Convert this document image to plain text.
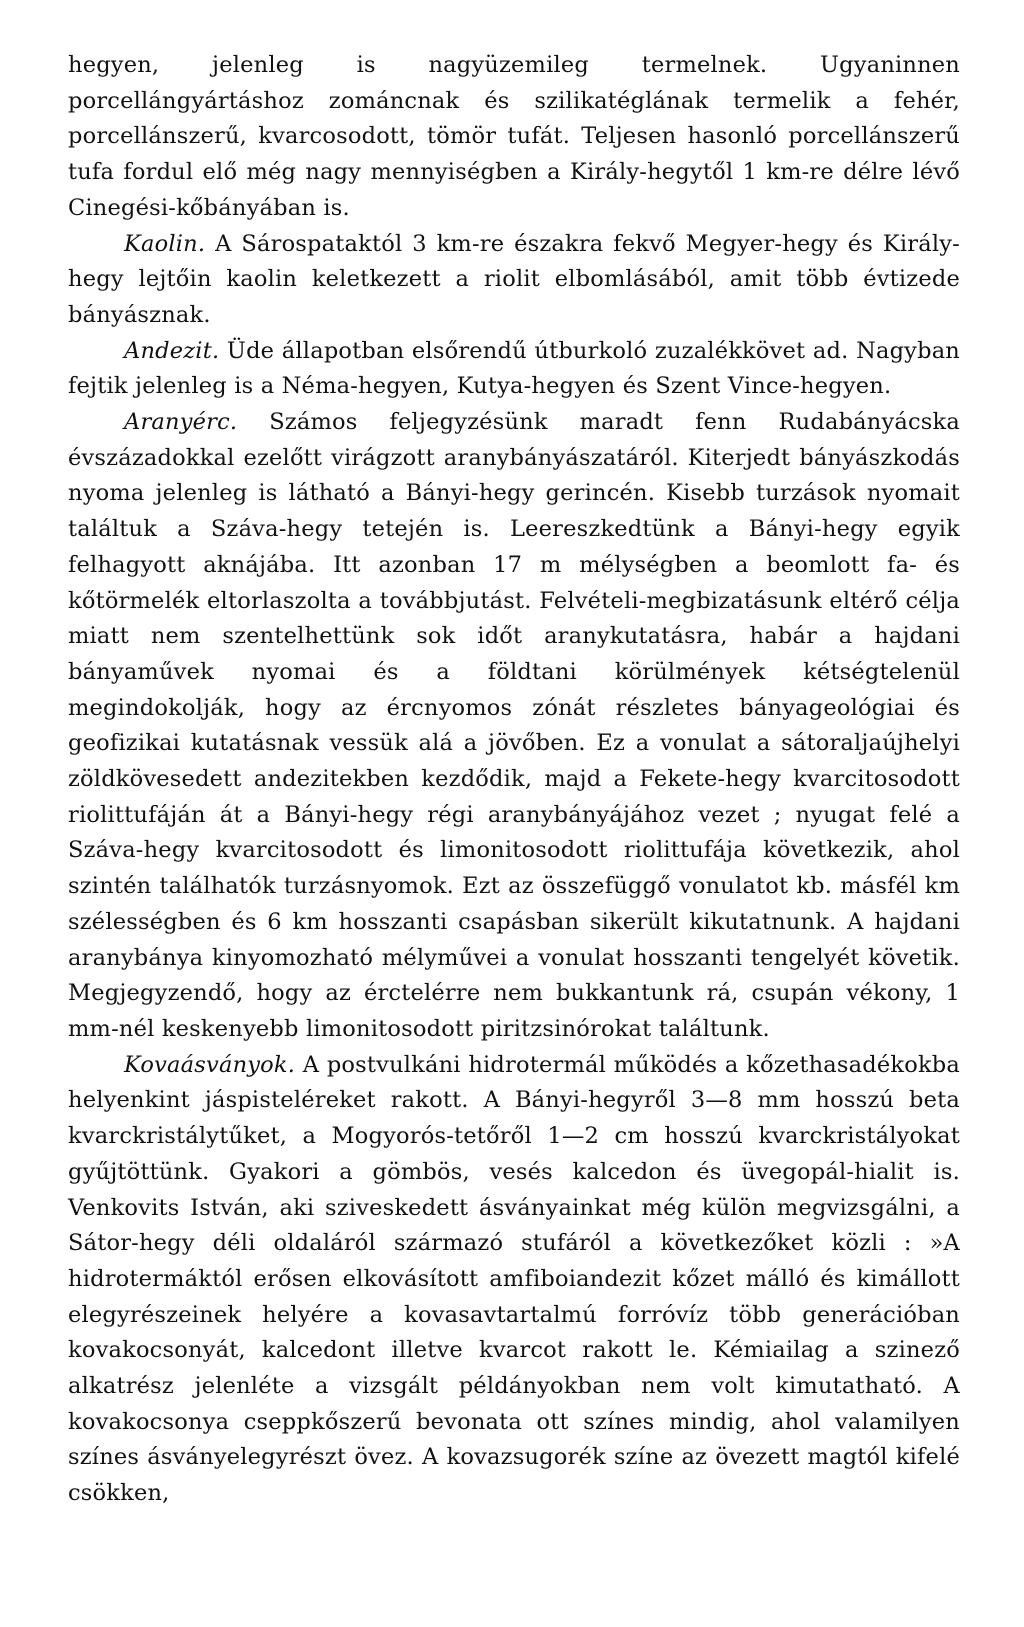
hegyen, jelenleg is nagyüzemileg termelnek. Ugyaninnen porcellángyártáshoz zománcnak és szilikatéglának termelik a fehér, porcellánszerű, kvarcosodott, tömör tufát. Teljesen hasonló porcellánszerű tufa fordul elő még nagy mennyiségben a Király-hegytől 1 km-re délre lévő Cinegési-kőbányában is.

Kaolin. A Sárospataktól 3 km-re északra fekvő Megyer-hegy és Király-hegy lejtőin kaolin keletkezett a riolit elbomlásából, amit több évtizede bányásznak.

Andezit. Üde állapotban elsőrendű útburkoló zuzalékkövet ad. Nagyban fejtik jelenleg is a Néma-hegyen, Kutya-hegyen és Szent Vince-hegyen.

Aranyérc. Számos feljegyzésünk maradt fenn Rudabányácska évszázadokkal ezelőtt virágzott aranybányászatáról. Kiterjedt bányászkodás nyoma jelenleg is látható a Bányi-hegy gerincén. Kisebb turzások nyomait találtuk a Száva-hegy tetején is. Leereszkedtünk a Bányi-hegy egyik felhagyott aknájába. Itt azonban 17 m mélységben a beomlott fa- és kőtörmelék eltorlaszolta a továbbjutást. Felvételi-megbizatásunk eltérő célja miatt nem szentelhettünk sok időt aranykutatásra, habár a hajdani bányaművek nyomai és a földtani körülmények kétségtelenül megindokolják, hogy az ércnyomos zónát részletes bányageológiai és geofizikai kutatásnak vessük alá a jövőben. Ez a vonulat a sátoraljaújhelyi zöldkövesedett andezitekben kezdődik, majd a Fekete-hegy kvarcitosodott riolittufáján át a Bányi-hegy régi aranybányájához vezet ; nyugat felé a Száva-hegy kvarcitosodott és limonitosodott riolittufája következik, ahol szintén találhatók turzásnyomok. Ezt az összefüggő vonulatot kb. másfél km szélességben és 6 km hosszanti csapásban sikerült kikutatnunk. A hajdani aranybánya kinyomozható mélyművei a vonulat hosszanti tengelyét követik. Megjegyzendő, hogy az érctelérre nem bukkantunk rá, csupán vékony, 1 mm-nél keskenyebb limonitosodott piritzsinórokat találtunk.

Kovaásványok. A postvulkáni hidrotermál működés a kőzethasadékokba helyenkint jáspisteléreket rakott. A Bányi-hegyről 3—8 mm hosszú beta kvarckristálytűket, a Mogyorós-tetőről 1—2 cm hosszú kvarckristályokat gyűjtöttünk. Gyakori a gömbös, vesés kalcedon és üvegopál-hialit is. Venkovits István, aki sziveskedett ásványainkat még külön megvizsgálni, a Sátor-hegy déli oldaláról származó stufáról a következőket közli : »A hidrotermáktól erősen elkovásított amfiboiandezit kőzet málló és kimállott elegyrészeinek helyére a kovasavtartalmú forróvíz több generációban kovakocsonyát, kalcedont illetve kvarcot rakott le. Kémiailag a szinező alkatrész jelenléte a vizsgált példányokban nem volt kimutatható. A kovakocsonya cseppkőszerű bevonata ott színes mindig, ahol valamilyen színes ásványelegyrészt övez. A kovazsugorék színe az övezett magtól kifelé csökken,
